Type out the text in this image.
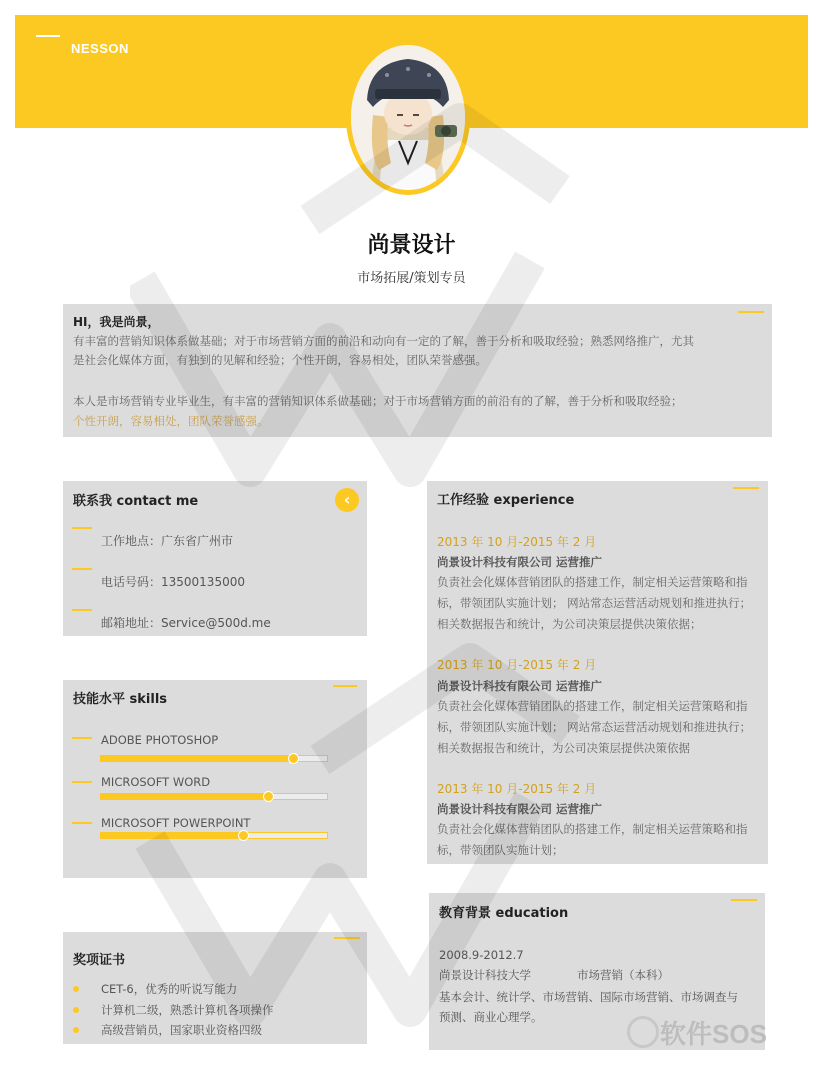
NESSON
尚景设计
市场拓展/策划专员
HI，我是尚景，

有丰富的营销知识体系做基础；对于市场营销方面的前沿和动向有一定的了解，善于分析和吸取经验；熟悉网络推广，尤其

是社会化媒体方面，有独到的见解和经验；个性开朗，容易相处，团队荣誉感强。

本人是市场营销专业毕业生，有丰富的营销知识体系做基础；对于市场营销方面的前沿有的了解，善于分析和吸取经验；

个性开朗，容易相处，团队荣誉感强。

联系我 contact me	‹
工作地点：广东省广州市
电话号码：13500135000
邮箱地址：Service@500d.me
技能水平 skills
ADOBE PHOTOSHOP
MICROSOFT WORD
MICROSOFT POWERPOINT
奖项证书
CET-6，优秀的听说写能力
计算机二级，熟悉计算机各项操作
高级营销员，国家职业资格四级
工作经验 experience
2013 年 10 月-2015 年 2 月
尚景设计科技有限公司 运营推广

负责社会化媒体营销团队的搭建工作，制定相关运营策略和指

标，带领团队实施计划； 网站常态运营活动规划和推进执行；

相关数据报告和统计，为公司决策层提供决策依据；

2013 年 10 月-2015 年 2 月
尚景设计科技有限公司 运营推广

负责社会化媒体营销团队的搭建工作，制定相关运营策略和指

标，带领团队实施计划； 网站常态运营活动规划和推进执行；

相关数据报告和统计，为公司决策层提供决策依据

2013 年 10 月-2015 年 2 月
尚景设计科技有限公司 运营推广

负责社会化媒体营销团队的搭建工作，制定相关运营策略和指

标，带领团队实施计划；

教育背景 education
2008.9-2012.7
尚景设计科技大学	市场营销（本科）

基本会计、统计学、市场营销、国际市场营销、市场调查与

预测、商业心理学。

软件SOS
